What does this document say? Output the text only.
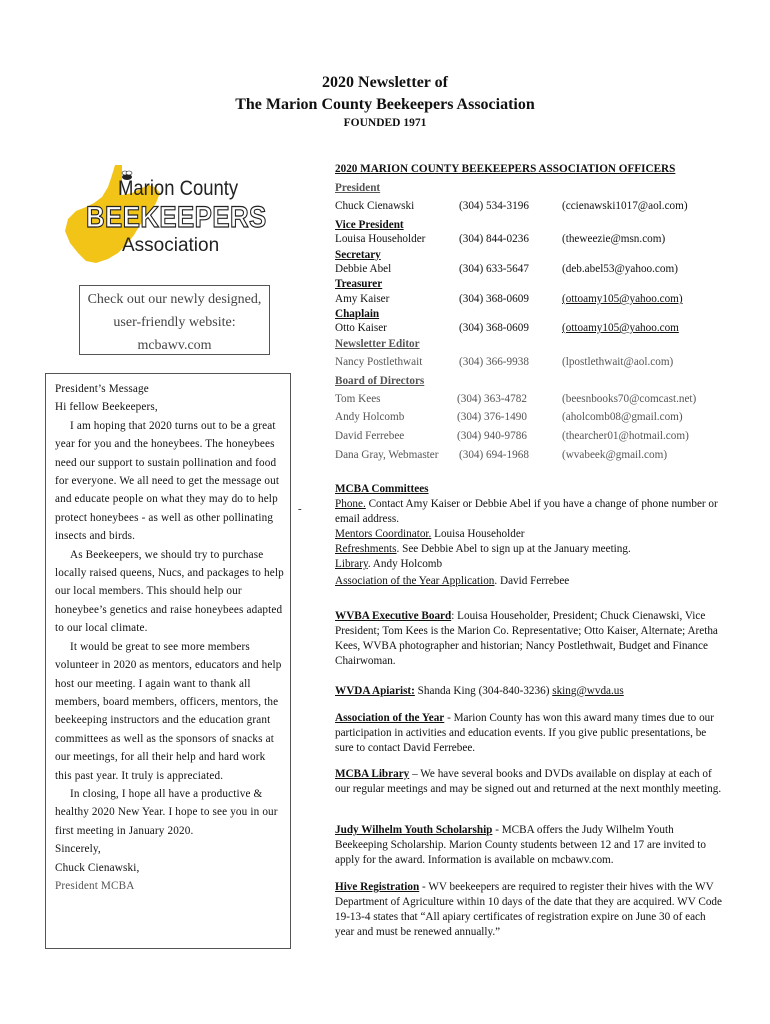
2020 Newsletter of
The Marion County Beekeepers Association
FOUNDED 1971
Marion County
BEEKEEPERS
Association
Check out our newly designed,
user-friendly website:
mcbawv.com

President’s Message

Hi fellow Beekeepers,

I am hoping that 2020 turns out to be a great year for you and the honeybees. The honeybees need our support to sustain pollination and food for everyone. We all need to get the message out and educate people on what they may do to help protect honeybees - as well as other pollinating insects and birds.

As Beekeepers, we should try to purchase locally raised queens, Nucs, and packages to help our local members. This should help our honeybee’s genetics and raise honeybees adapted to our local climate.

It would be great to see more members volunteer in 2020 as mentors, educators and help host our meeting. I again want to thank all members, board members, officers, mentors, the beekeeping instructors and the education grant committees as well as the sponsors of snacks at our meetings, for all their help and hard work this past year. It truly is appreciated.

In closing, I hope all have a productive & healthy 2020 New Year. I hope to see you in our first meeting in January 2020.

Sincerely,

Chuck Cienawski,

President MCBA

-
2020 MARION COUNTY BEEKEEPERS ASSOCIATION OFFICERS
President
Chuck Cienawski	(304) 534-3196	(ccienawski1017@aol.com)
Vice President
Louisa Householder	(304) 844-0236	(theweezie@msn.com)
Secretary
Debbie Abel	(304) 633-5647	(deb.abel53@yahoo.com)
Treasurer
Amy Kaiser	(304) 368-0609	(ottoamy105@yahoo.com)
Chaplain
Otto Kaiser	(304) 368-0609	(ottoamy105@yahoo.com
Newsletter Editor
Nancy Postlethwait	(304) 366-9938	(lpostlethwait@aol.com)
Board of Directors
Tom Kees	(304) 363-4782	(beesnbooks70@comcast.net)
Andy Holcomb	(304) 376-1490	(aholcomb08@gmail.com)
David Ferrebee	(304) 940-9786	(thearcher01@hotmail.com)
Dana Gray, Webmaster (304) 694-1968	(wvabeek@gmail.com)

MCBA Committees

Phone. Contact Amy Kaiser or Debbie Abel if you have a change of phone number or email address.

Mentors Coordinator. Louisa Householder

Refreshments. See Debbie Abel to sign up at the January meeting.

Library. Andy Holcomb

Association of the Year Application. David Ferrebee

WVBA Executive Board: Louisa Householder, President; Chuck Cienawski, Vice President; Tom Kees is the Marion Co. Representative; Otto Kaiser, Alternate; Aretha Kees, WVBA photographer and historian; Nancy Postlethwait, Budget and Finance Chairwoman.

WVDA Apiarist: Shanda King (304-840-3236) sking@wvda.us

Association of the Year - Marion County has won this award many times due to our participation in activities and education events. If you give public presentations, be sure to contact David Ferrebee.

MCBA Library – We have several books and DVDs available on display at each of our regular meetings and may be signed out and returned at the next monthly meeting.

Judy Wilhelm Youth Scholarship - MCBA offers the Judy Wilhelm Youth Beekeeping Scholarship. Marion County students between 12 and 17 are invited to apply for the award. Information is available on mcbawv.com.

Hive Registration - WV beekeepers are required to register their hives with the WV Department of Agriculture within 10 days of the date that they are acquired. WV Code 19-13-4 states that “All apiary certificates of registration expire on June 30 of each year and must be renewed annually.”
